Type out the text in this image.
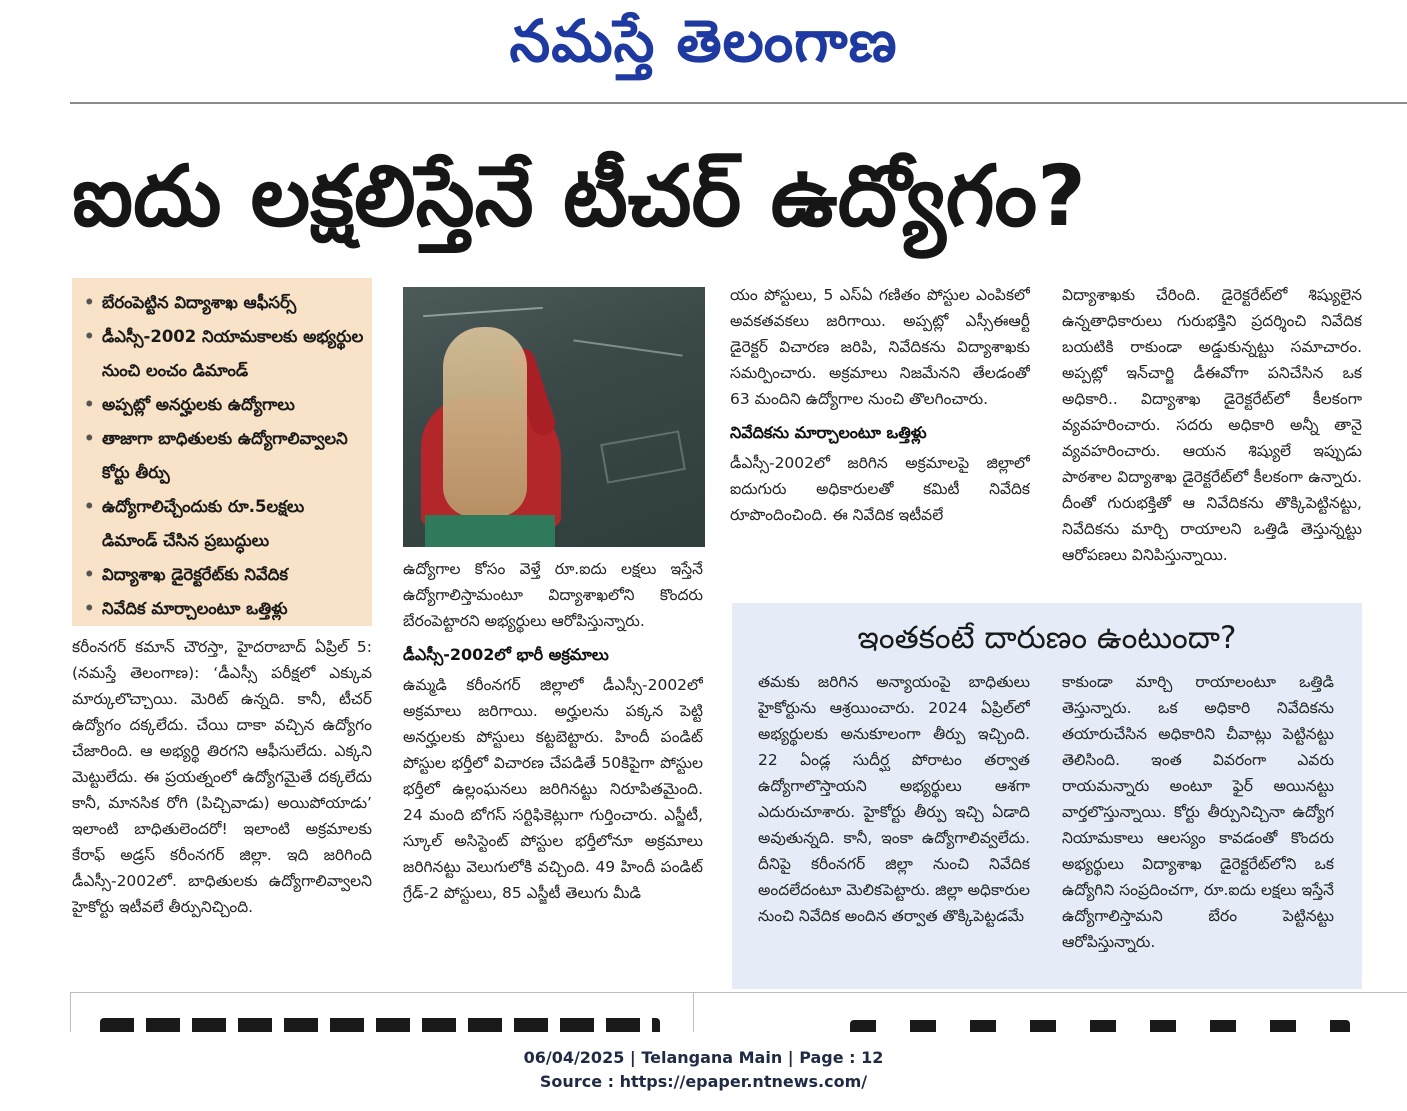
నమస్తే తెలంగాణ
ఐదు లక్షలిస్తేనే టీచర్ ఉద్యోగం?
• బేరంపెట్టిన విద్యాశాఖ ఆఫీసర్స్
• డీఎస్సీ-2002 నియామకాలకు అభ్యర్థుల నుంచి లంచం డిమాండ్
• అప్పట్లో అనర్హులకు ఉద్యోగాలు
• తాజాగా బాధితులకు ఉద్యోగాలివ్వాలని కోర్టు తీర్పు
• ఉద్యోగాలిచ్చేందుకు రూ.5లక్షలు డిమాండ్ చేసిన ప్రబుద్ధులు
• విద్యాశాఖ డైరెక్టరేట్‌కు నివేదిక
• నివేదిక మార్చాలంటూ ఒత్తిళ్లు

కరీంనగర్ కమాన్ చౌరస్తా, హైదరాబాద్ ఏప్రిల్ 5: (నమస్తే తెలంగాణ): ‘డీఎస్సీ పరీక్షలో ఎక్కువ మార్కులొచ్చాయి. మెరిట్ ఉన్నది. కానీ, టీచర్ ఉద్యోగం దక్కలేదు. చేయి దాకా వచ్చిన ఉద్యోగం చేజారింది. ఆ అభ్యర్థి తిరగని ఆఫీసులేదు. ఎక్కని మెట్టులేదు. ఈ ప్రయత్నంలో ఉద్యోగమైతే దక్కలేదు కానీ, మానసిక రోగి (పిచ్చివాడు) అయిపోయాడు’ ఇలాంటి బాధితులెందరో! ఇలాంటి అక్రమాలకు కేరాఫ్ అడ్రస్ కరీంనగర్ జిల్లా. ఇది జరిగింది డీఎస్సీ-2002లో. బాధితులకు ఉద్యోగాలివ్వాలని హైకోర్టు ఇటీవలే తీర్పునిచ్చింది.

ఉద్యోగాల కోసం వెళ్తే రూ.ఐదు లక్షలు ఇస్తేనే ఉద్యోగాలిస్తామంటూ విద్యాశాఖలోని కొందరు బేరంపెట్టారని అభ్యర్థులు ఆరోపిస్తున్నారు.

డీఎస్సీ-2002లో భారీ అక్రమాలు

ఉమ్మడి కరీంనగర్ జిల్లాలో డీఎస్సీ-2002లో అక్రమాలు జరిగాయి. అర్హులను పక్కన పెట్టి అనర్హులకు పోస్టులు కట్టబెట్టారు. హిందీ పండిట్ పోస్టుల భర్తీలో విచారణ చేపడితే 50కిపైగా పోస్టుల భర్తీలో ఉల్లంఘనలు జరిగినట్టు నిరూపితమైంది. 24 మంది బోగస్ సర్టిఫికెట్లుగా గుర్తించారు. ఎస్జీటీ, స్కూల్ అసిస్టెంట్ పోస్టుల భర్తీలోనూ అక్రమాలు జరిగినట్టు వెలుగులోకి వచ్చింది. 49 హిందీ పండిట్ గ్రేడ్-2 పోస్టులు, 85 ఎస్జీటీ తెలుగు మీడి

యం పోస్టులు, 5 ఎస్ఏ గణితం పోస్టుల ఎంపికలో అవకతవకలు జరిగాయి. అప్పట్లో ఎస్సీఈఆర్టీ డైరెక్టర్ విచారణ జరిపి, నివేదికను విద్యాశాఖకు సమర్పించారు. అక్రమాలు నిజమేనని తేలడంతో 63 మందిని ఉద్యోగాల నుంచి తొలగించారు.

నివేదికను మార్చాలంటూ ఒత్తిళ్లు

డీఎస్సీ-2002లో జరిగిన అక్రమాలపై జిల్లాలో ఐదుగురు అధికారులతో కమిటీ నివేదిక రూపొందించింది. ఈ నివేదిక ఇటీవలే

విద్యాశాఖకు చేరింది. డైరెక్టరేట్‌లో శిష్యులైన ఉన్నతాధికారులు గురుభక్తిని ప్రదర్శించి నివేదిక బయటికి రాకుండా అడ్డుకున్నట్టు సమాచారం. అప్పట్లో ఇన్‌చార్జి డీఈవోగా పనిచేసిన ఒక అధికారి.. విద్యాశాఖ డైరెక్టరేట్‌లో కీలకంగా వ్యవహరించారు. సదరు అధికారి అన్నీ తానై వ్యవహరించారు. ఆయన శిష్యులే ఇప్పుడు పాఠశాల విద్యాశాఖ డైరెక్టరేట్‌లో కీలకంగా ఉన్నారు. దీంతో గురుభక్తితో ఆ నివేదికను తొక్కిపెట్టినట్టు, నివేదికను మార్చి రాయాలని ఒత్తిడి తెస్తున్నట్టు ఆరోపణలు వినిపిస్తున్నాయి.

ఇంతకంటే దారుణం ఉంటుందా?
తమకు జరిగిన అన్యాయంపై బాధితులు హైకోర్టును ఆశ్రయించారు. 2024 ఏప్రిల్‌లో అభ్యర్థులకు అనుకూలంగా తీర్పు ఇచ్చింది. 22 ఏండ్ల సుదీర్ఘ పోరాటం తర్వాత ఉద్యోగాలొస్తాయని అభ్యర్థులు ఆశగా ఎదురుచూశారు. హైకోర్టు తీర్పు ఇచ్చి ఏడాది అవుతున్నది. కానీ, ఇంకా ఉద్యోగాలివ్వలేదు. దీనిపై కరీంనగర్ జిల్లా నుంచి నివేదిక అందలేదంటూ మెలికపెట్టారు. జిల్లా అధికారుల నుంచి నివేదిక అందిన తర్వాత తొక్కిపెట్టడమే
కాకుండా మార్చి రాయాలంటూ ఒత్తిడి తెస్తున్నారు. ఒక అధికారి నివేదికను తయారుచేసిన అధికారిని చీవాట్లు పెట్టినట్టు తెలిసింది. ఇంత వివరంగా ఎవరు రాయమన్నారు అంటూ ఫైర్ అయినట్టు వార్తలొస్తున్నాయి. కోర్టు తీర్పునిచ్చినా ఉద్యోగ నియామకాలు ఆలస్యం కావడంతో కొందరు అభ్యర్థులు విద్యాశాఖ డైరెక్టరేట్‌లోని ఒక ఉద్యోగిని సంప్రదించగా, రూ.ఐదు లక్షలు ఇస్తేనే ఉద్యోగాలిస్తామని బేరం పెట్టినట్టు ఆరోపిస్తున్నారు.
06/04/2025 | Telangana Main | Page : 12
Source : https://epaper.ntnews.com/
